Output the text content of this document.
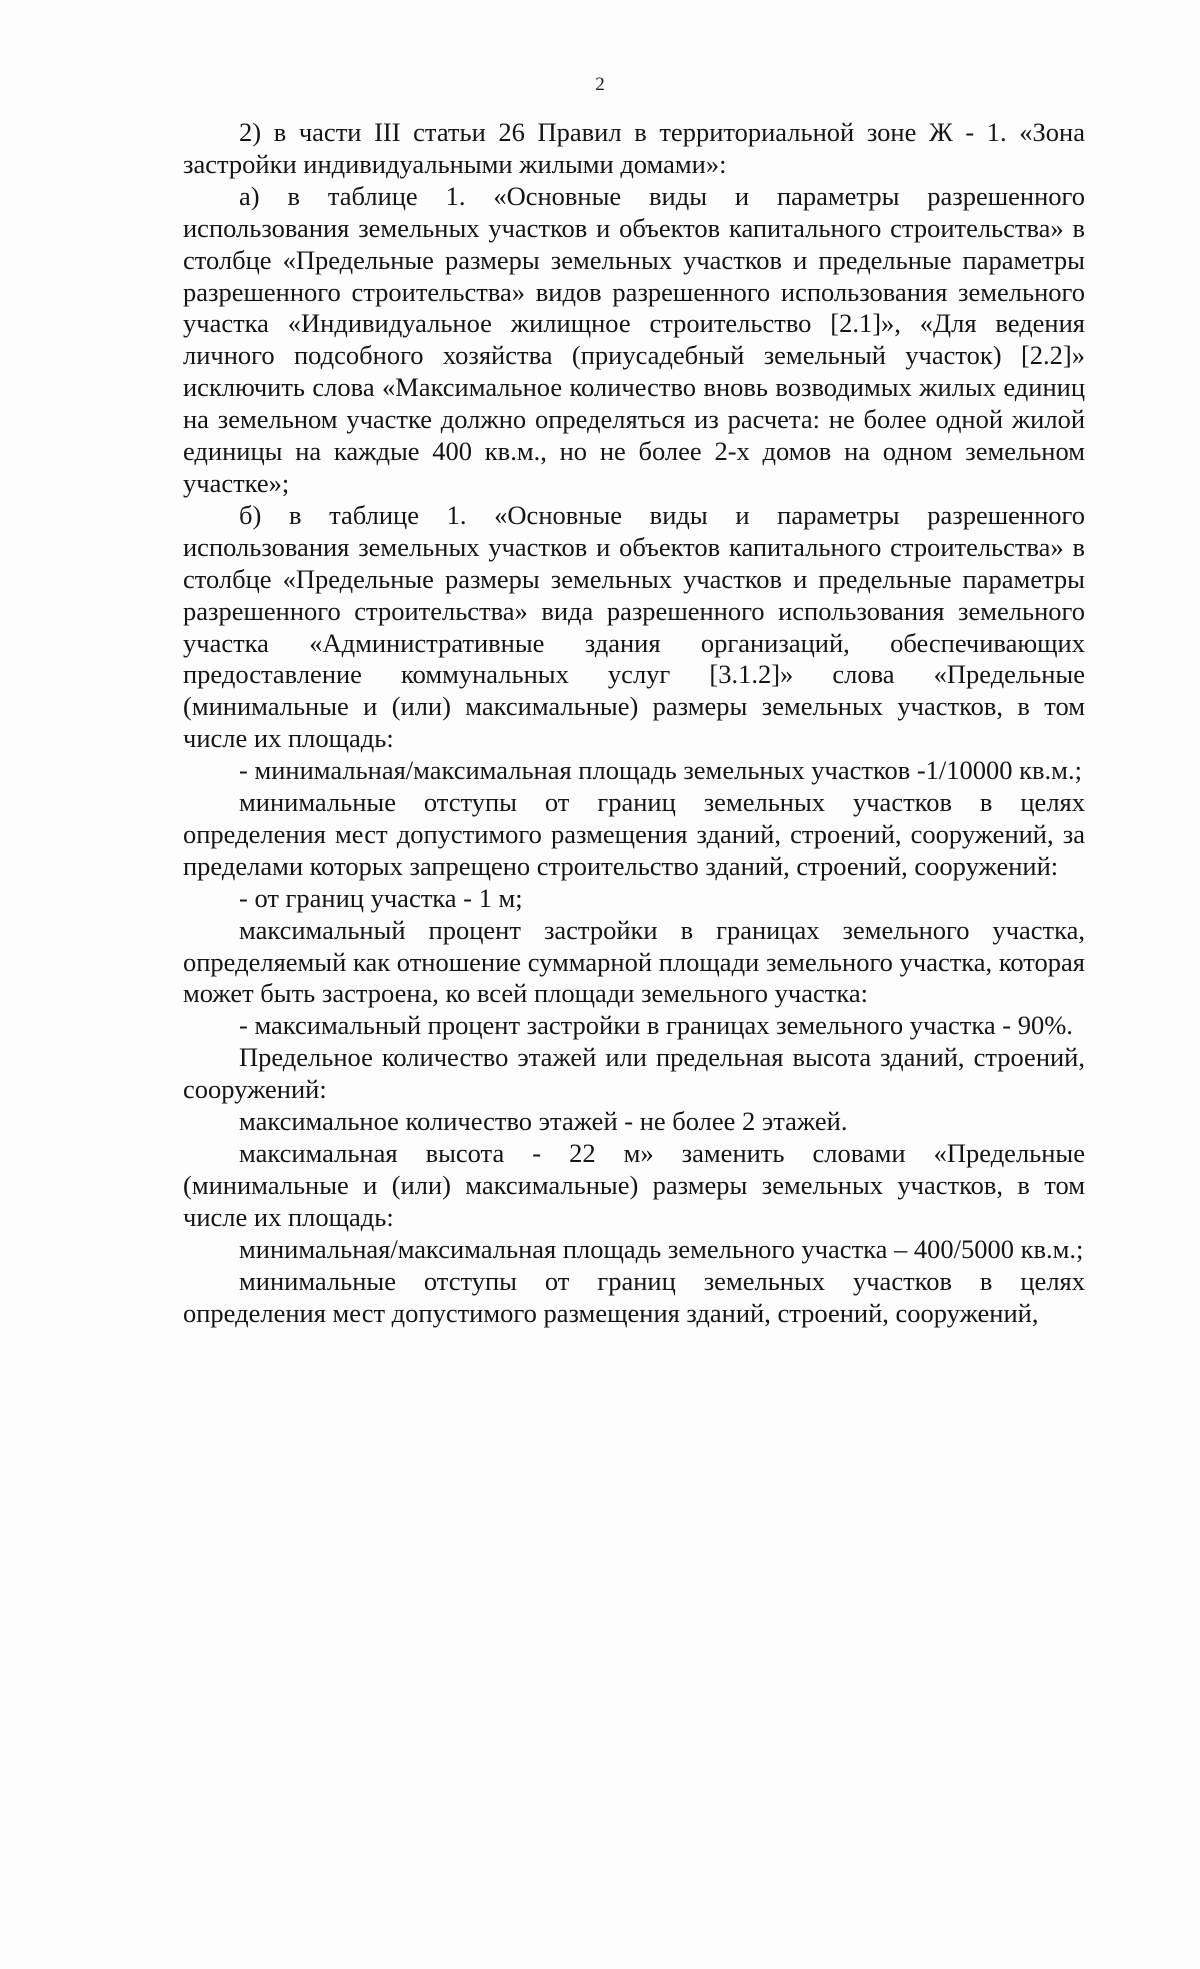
2

2) в части III статьи 26 Правил в территориальной зоне Ж - 1. «Зона застройки индивидуальными жилыми домами»:

а) в таблице 1. «Основные виды и параметры разрешенного использования земельных участков и объектов капитального строительства» в столбце «Предельные размеры земельных участков и предельные параметры разрешенного строительства» видов разрешенного использования земельного участка «Индивидуальное жилищное строительство [2.1]», «Для ведения личного подсобного хозяйства (приусадебный земельный участок) [2.2]» исключить слова «Максимальное количество вновь возводимых жилых единиц на земельном участке должно определяться из расчета: не более одной жилой единицы на каждые 400 кв.м., но не более 2-х домов на одном земельном участке»;

б) в таблице 1. «Основные виды и параметры разрешенного использования земельных участков и объектов капитального строительства» в столбце «Предельные размеры земельных участков и предельные параметры разрешенного строительства» вида разрешенного использования земельного участка «Административные здания организаций, обеспечивающих предоставление коммунальных услуг [3.1.2]» слова «Предельные (минимальные и (или) максимальные) размеры земельных участков, в том числе их площадь:

- минимальная/максимальная площадь земельных участков -1/10000 кв.м.;

минимальные отступы от границ земельных участков в целях определения мест допустимого размещения зданий, строений, сооружений, за пределами которых запрещено строительство зданий, строений, сооружений:

- от границ участка - 1 м;

максимальный процент застройки в границах земельного участка, определяемый как отношение суммарной площади земельного участка, которая может быть застроена, ко всей площади земельного участка:

- максимальный процент застройки в границах земельного участка - 90%.

Предельное количество этажей или предельная высота зданий, строений, сооружений:

максимальное количество этажей - не более 2 этажей.

максимальная высота - 22 м» заменить словами «Предельные (минимальные и (или) максимальные) размеры земельных участков, в том числе их площадь:

минимальная/максимальная площадь земельного участка – 400/5000 кв.м.;

минимальные отступы от границ земельных участков в целях определения мест допустимого размещения зданий, строений, сооружений,
